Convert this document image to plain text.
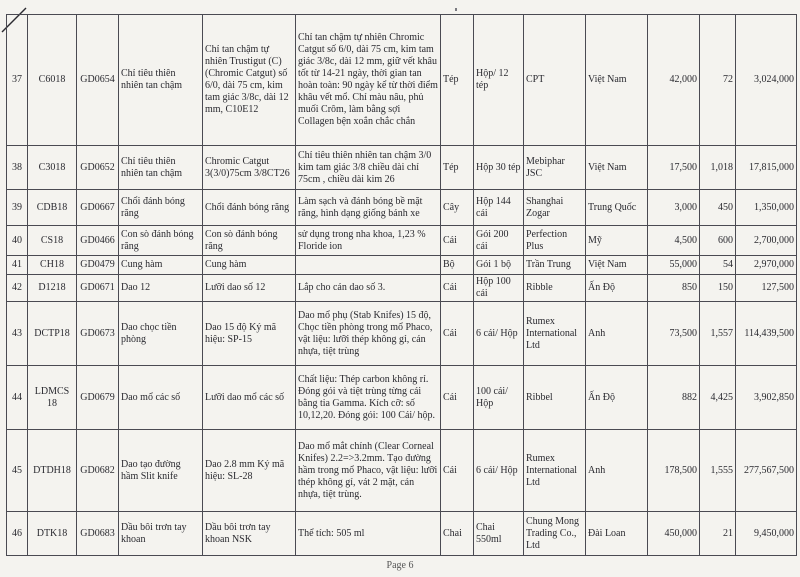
37	C6018	GD0654	Chỉ tiêu thiên nhiên tan chậm	Chỉ tan chậm tự nhiên Trustigut (C) (Chromic Catgut) số 6/0, dài 75 cm, kim tam giác 3/8c, dài 12 mm, C10E12	Chỉ tan chậm tự nhiên Chromic Catgut số 6/0, dài 75 cm, kim tam giác 3/8c, dài 12 mm, giữ vết khâu tốt từ 14-21 ngày, thời gian tan hoàn toàn: 90 ngày kể từ thời điểm khâu vết mổ. Chỉ màu nâu, phủ muối Crôm, làm bằng sợi Collagen bện xoắn chắc chắn	Tép	Hộp/ 12 tép	CPT	Việt Nam	42,000	72	3,024,000
38	C3018	GD0652	Chỉ tiêu thiên nhiên tan chậm	Chromic Catgut 3(3/0)75cm 3/8CT26	Chỉ tiêu thiên nhiên tan chậm 3/0 kim tam giác 3/8 chiều dài chỉ 75cm , chiều dài kim 26	Tép	Hộp 30 tép	Mebiphar JSC	Việt Nam	17,500	1,018	17,815,000
39	CDB18	GD0667	Chổi đánh bóng răng	Chổi đánh bóng răng	Làm sạch và đánh bóng bề mặt răng, hình dạng giống bánh xe	Cây	Hộp 144 cái	Shanghai Zogar	Trung Quốc	3,000	450	1,350,000
40	CS18	GD0466	Con sò đánh bóng răng	Con sò đánh bóng răng	sử dụng trong nha khoa, 1,23 % Floride ion	Cái	Gói 200 cái	Perfection Plus	Mỹ	4,500	600	2,700,000
41	CH18	GD0479	Cung hàm	Cung hàm		Bộ	Gói 1 bộ	Trần Trung	Việt Nam	55,000	54	2,970,000
42	D1218	GD0671	Dao 12	Lưỡi dao số 12	Lắp cho cán dao số 3.	Cái	Hộp 100 cái	Ribble	Ấn Độ	850	150	127,500
43	DCTP18	GD0673	Dao chọc tiền phòng	Dao 15 độ Ký mã hiệu: SP-15	Dao mổ phụ (Stab Knifes) 15 độ, Chọc tiền phòng trong mổ Phaco, vật liệu: lưỡi thép không gỉ, cán nhựa, tiệt trùng	Cái	6 cái/ Hộp	Rumex International Ltd	Anh	73,500	1,557	114,439,500
44	LDMCS 18	GD0679	Dao mổ các số	Lưỡi dao mổ các số	Chất liệu: Thép carbon không rỉ. Đóng gói và tiệt trùng từng cái bằng tia Gamma. Kích cỡ: số 10,12,20. Đóng gói: 100 Cái/ hộp.	Cái	100 cái/ Hộp	Ribbel	Ấn Độ	882	4,425	3,902,850
45	DTDH18	GD0682	Dao tạo đường hầm Slit knife	Dao 2.8 mm Ký mã hiệu: SL-28	Dao mổ mắt chính (Clear Corneal Knifes) 2.2=>3.2mm. Tạo đường hầm trong mổ Phaco, vật liệu: lưỡi thép không gỉ, vát 2 mặt, cán nhựa, tiệt trùng.	Cái	6 cái/ Hộp	Rumex International Ltd	Anh	178,500	1,555	277,567,500
46	DTK18	GD0683	Dầu bôi trơn tay khoan	Dầu bôi trơn tay khoan NSK	Thể tích: 505 ml	Chai	Chai 550ml	Chung Mong Trading Co., Ltd	Đài Loan	450,000	21	9,450,000
Page 6
